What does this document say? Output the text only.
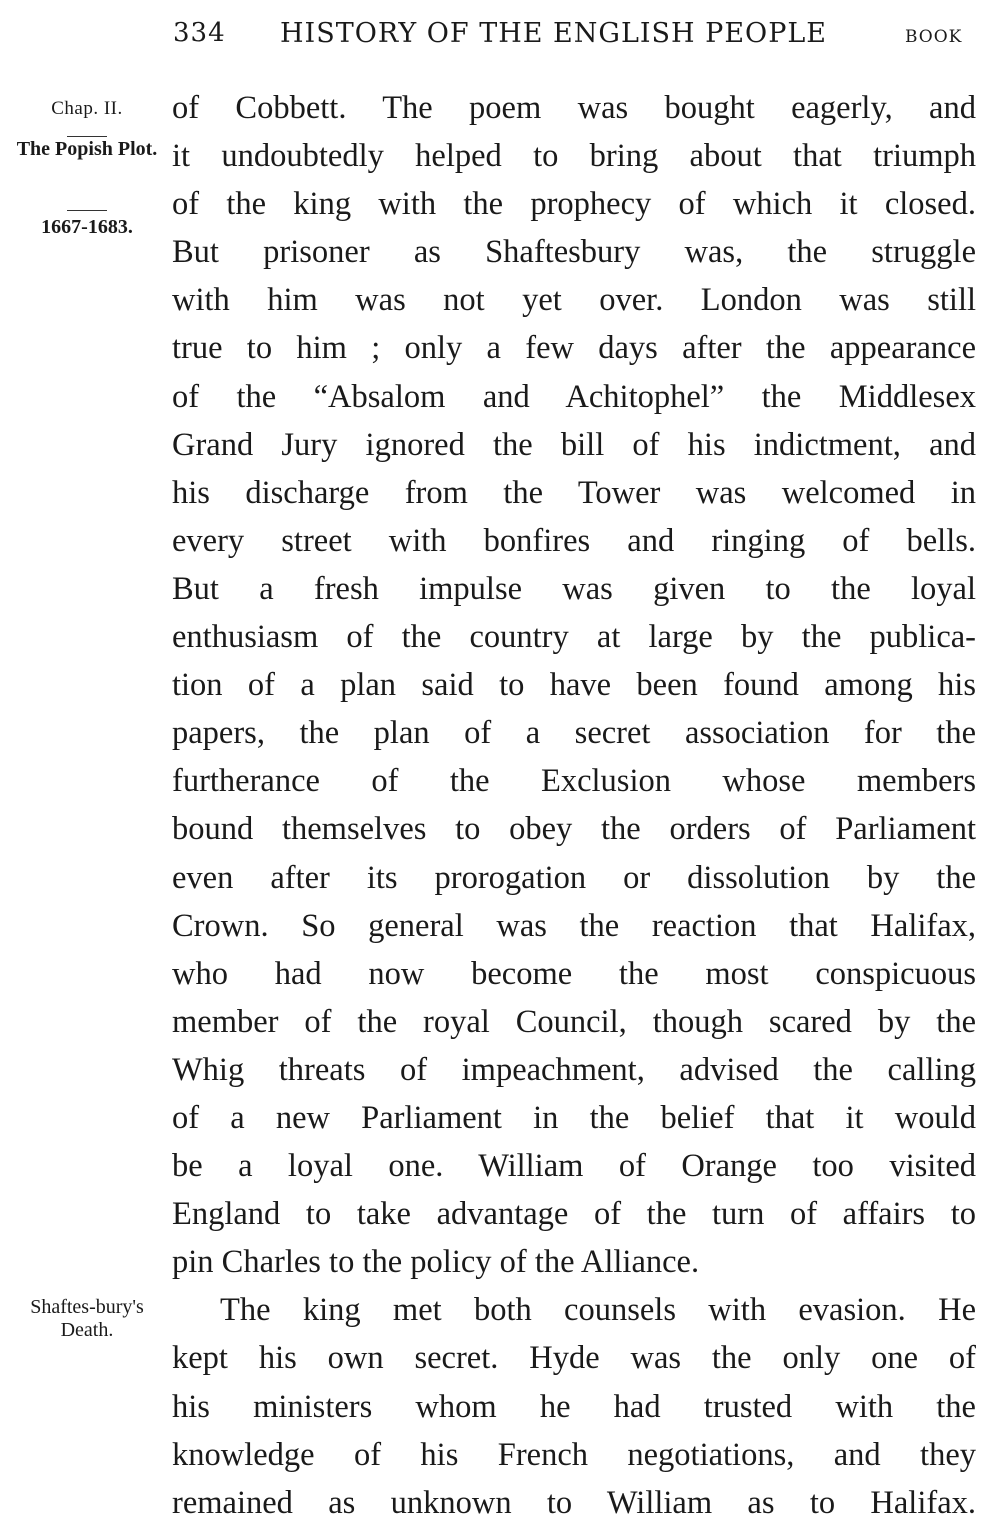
334 HISTORY OF THE ENGLISH PEOPLE	BOOK
Chap. II.
The Popish Plot.
1667-1683.
Shaftes-bury's Death.
of Cobbett. The poem was bought eagerly, and
it undoubtedly helped to bring about that triumph
of the king with the prophecy of which it closed.
But prisoner as Shaftesbury was, the struggle
with him was not yet over. London was still
true to him ; only a few days after the appearance
of the “Absalom and Achitophel” the Middlesex
Grand Jury ignored the bill of his indictment, and
his discharge from the Tower was welcomed in
every street with bonfires and ringing of bells.
But a fresh impulse was given to the loyal
enthusiasm of the country at large by the publica-
tion of a plan said to have been found among his
papers, the plan of a secret association for the
furtherance of the Exclusion whose members
bound themselves to obey the orders of Parliament
even after its prorogation or dissolution by the
Crown. So general was the reaction that Halifax,
who had now become the most conspicuous
member of the royal Council, though scared by the
Whig threats of impeachment, advised the calling
of a new Parliament in the belief that it would
be a loyal one. William of Orange too visited
England to take advantage of the turn of affairs to
pin Charles to the policy of the Alliance.
The king met both counsels with evasion. He
kept his own secret. Hyde was the only one of
his ministers whom he had trusted with the
knowledge of his French negotiations, and they
remained as unknown to William as to Halifax.
